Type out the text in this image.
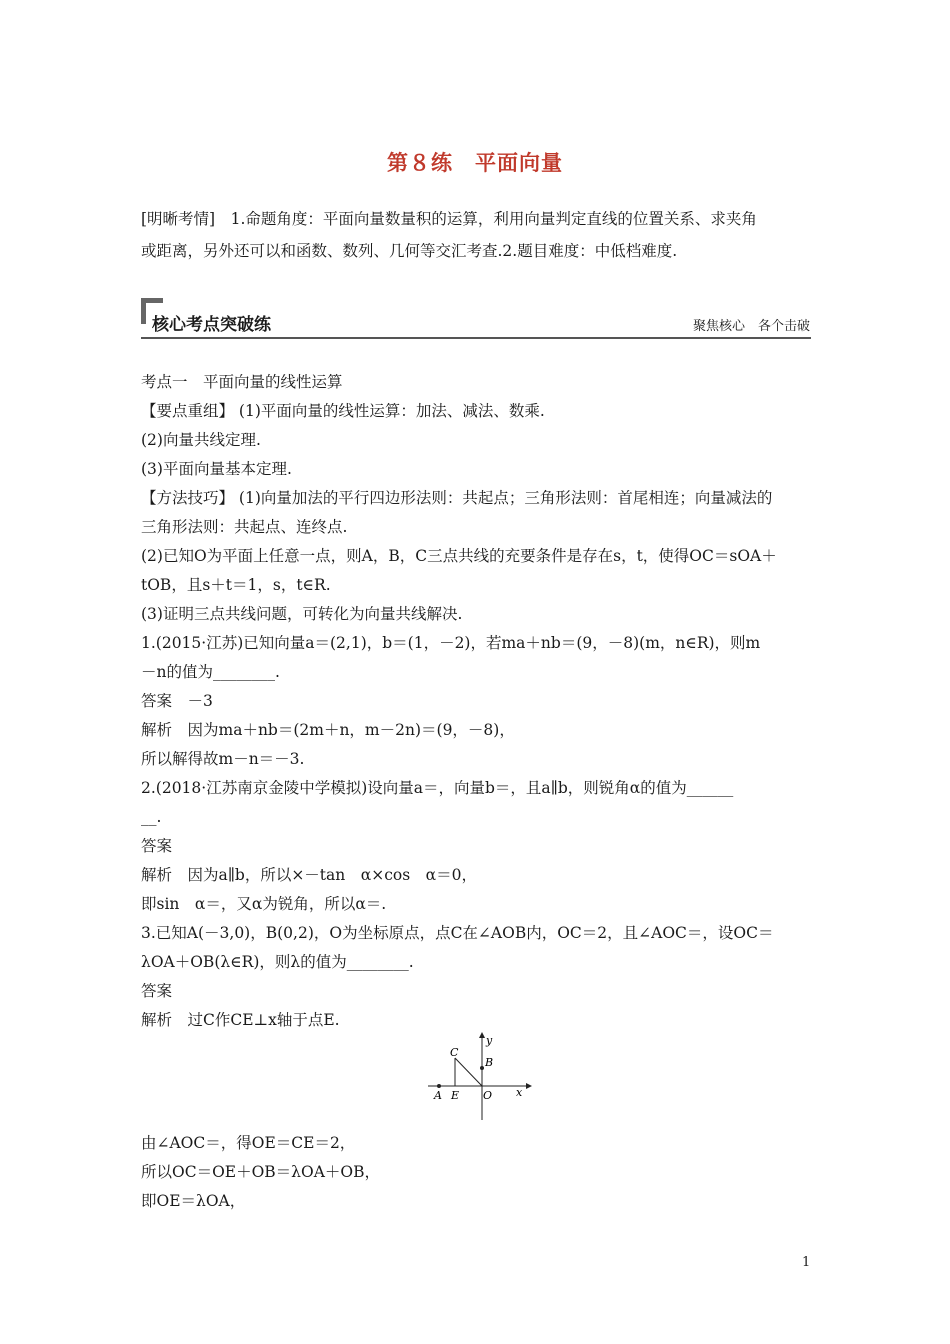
第８练　平面向量
[明晰考情]　1.命题角度：平面向量数量积的运算，利用向量判定直线的位置关系、求夹角
或距离，另外还可以和函数、数列、几何等交汇考查.2.题目难度：中低档难度.
核心考点突破练	聚焦核心　各个击破
考点一　平面向量的线性运算
【要点重组】 (1)平面向量的线性运算：加法、减法、数乘.
(2)向量共线定理.
(3)平面向量基本定理.
【方法技巧】 (1)向量加法的平行四边形法则：共起点；三角形法则：首尾相连；向量减法的
三角形法则：共起点、连终点.
(2)已知O为平面上任意一点，则A，B，C三点共线的充要条件是存在s，t，使得OC＝sOA＋
tOB，且s＋t＝1，s，t∈R.
(3)证明三点共线问题，可转化为向量共线解决.
1.(2015·江苏)已知向量a＝(2,1)，b＝(1，－2)，若ma＋nb＝(9，－8)(m，n∈R)，则m
－n的值为________.
答案　－3
解析　因为ma＋nb＝(2m＋n，m－2n)＝(9，－8)，
所以解得故m－n＝－3.
2.(2018·江苏南京金陵中学模拟)设向量a＝，向量b＝，且a∥b，则锐角α的值为______
__.
答案
解析　因为a∥b，所以×－tan　α×cos　α＝0，
即sin　α＝，又α为锐角，所以α＝.
3.已知A(－3,0)，B(0,2)，O为坐标原点，点C在∠AOB内，OC＝2，且∠AOC＝，设OC＝
λOA＋OB(λ∈R)，则λ的值为________.
答案
解析　过C作CE⊥x轴于点E.
y
x
C
B
A E O
由∠AOC＝，得OE＝CE＝2，
所以OC＝OE＋OB＝λOA＋OB，
即OE＝λOA，
1
